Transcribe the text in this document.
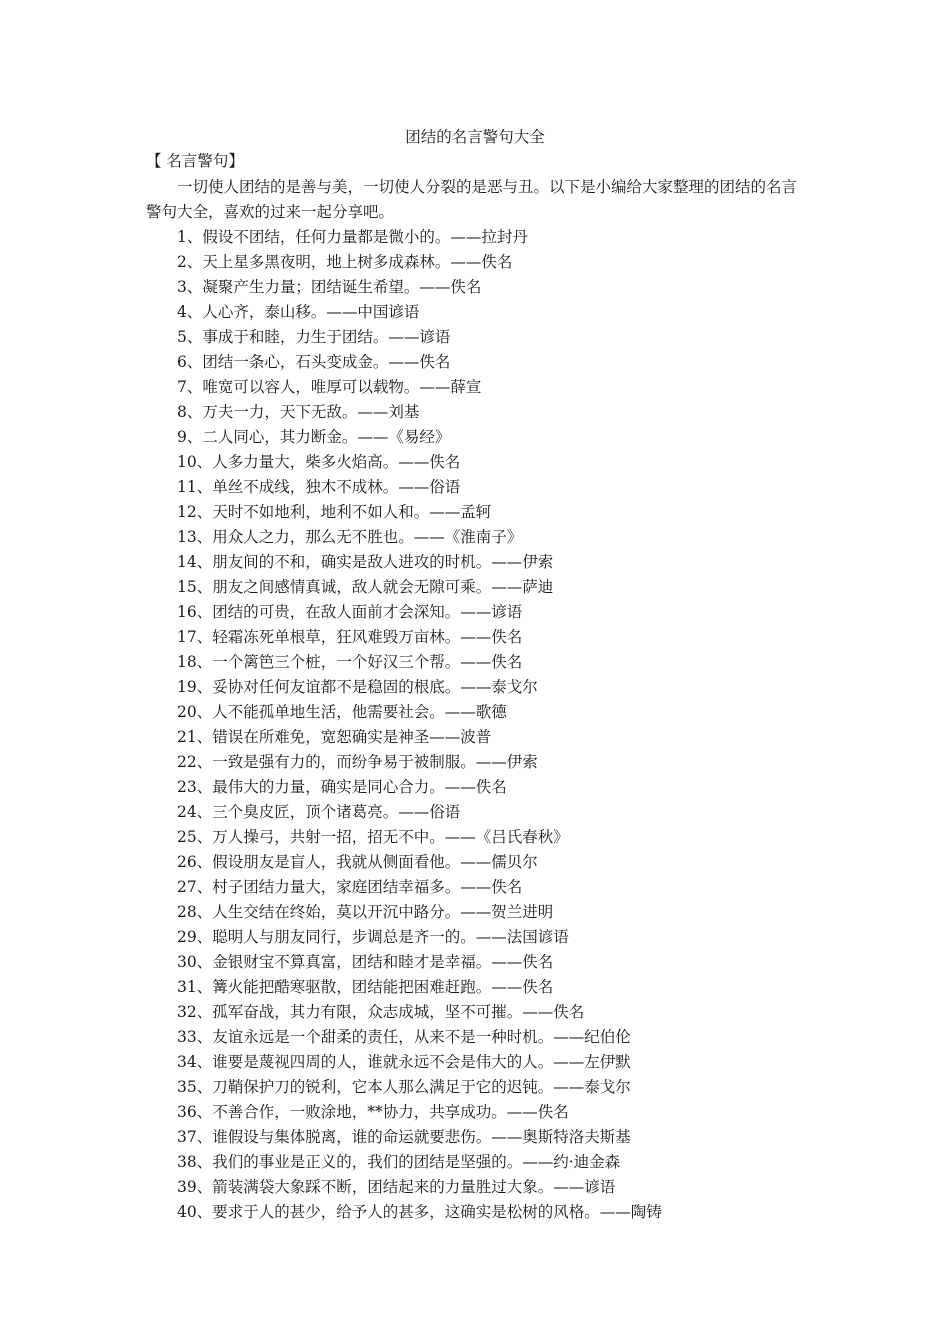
团结的名言警句大全
【 名言警句】

一切使人团结的是善与美，一切使人分裂的是恶与丑。以下是小编给大家整理的团结的名言警句大全，喜欢的过来一起分享吧。

1、假设不团结，任何力量都是微小的。——拉封丹
2、天上星多黑夜明，地上树多成森林。——佚名
3、凝聚产生力量；团结诞生希望。——佚名
4、人心齐，泰山移。——中国谚语
5、事成于和睦，力生于团结。——谚语
6、团结一条心，石头变成金。——佚名
7、唯宽可以容人，唯厚可以载物。——薛宣
8、万夫一力，天下无敌。——刘基
9、二人同心，其力断金。——《易经》
10、人多力量大，柴多火焰高。——佚名
11、单丝不成线，独木不成林。——俗语
12、天时不如地利，地利不如人和。——孟轲
13、用众人之力，那么无不胜也。——《淮南子》
14、朋友间的不和，确实是敌人进攻的时机。——伊索
15、朋友之间感情真诚，敌人就会无隙可乘。——萨迪
16、团结的可贵，在敌人面前才会深知。——谚语
17、轻霜冻死单根草，狂风难毁万亩林。——佚名
18、一个篱笆三个桩，一个好汉三个帮。——佚名
19、妥协对任何友谊都不是稳固的根底。——泰戈尔
20、人不能孤单地生活，他需要社会。——歌德
21、错误在所难免，宽恕确实是神圣——波普
22、一致是强有力的，而纷争易于被制服。——伊索
23、最伟大的力量，确实是同心合力。——佚名
24、三个臭皮匠，顶个诸葛亮。——俗语
25、万人操弓，共射一招，招无不中。——《吕氏春秋》
26、假设朋友是盲人，我就从侧面看他。——儒贝尔
27、村子团结力量大，家庭团结幸福多。——佚名
28、人生交结在终始，莫以开沉中路分。——贺兰进明
29、聪明人与朋友同行，步调总是齐一的。——法国谚语
30、金银财宝不算真富，团结和睦才是幸福。——佚名
31、篝火能把酷寒驱散，团结能把困难赶跑。——佚名
32、孤军奋战，其力有限，众志成城，坚不可摧。——佚名
33、友谊永远是一个甜柔的责任，从来不是一种时机。——纪伯伦
34、谁要是蔑视四周的人，谁就永远不会是伟大的人。——左伊默
35、刀鞘保护刀的锐利，它本人那么满足于它的迟钝。——泰戈尔
36、不善合作，一败涂地，**协力，共享成功。——佚名
37、谁假设与集体脱离，谁的命运就要悲伤。——奥斯特洛夫斯基
38、我们的事业是正义的，我们的团结是坚强的。——约·迪金森
39、箭装满袋大象踩不断，团结起来的力量胜过大象。——谚语
40、要求于人的甚少，给予人的甚多，这确实是松树的风格。——陶铸
